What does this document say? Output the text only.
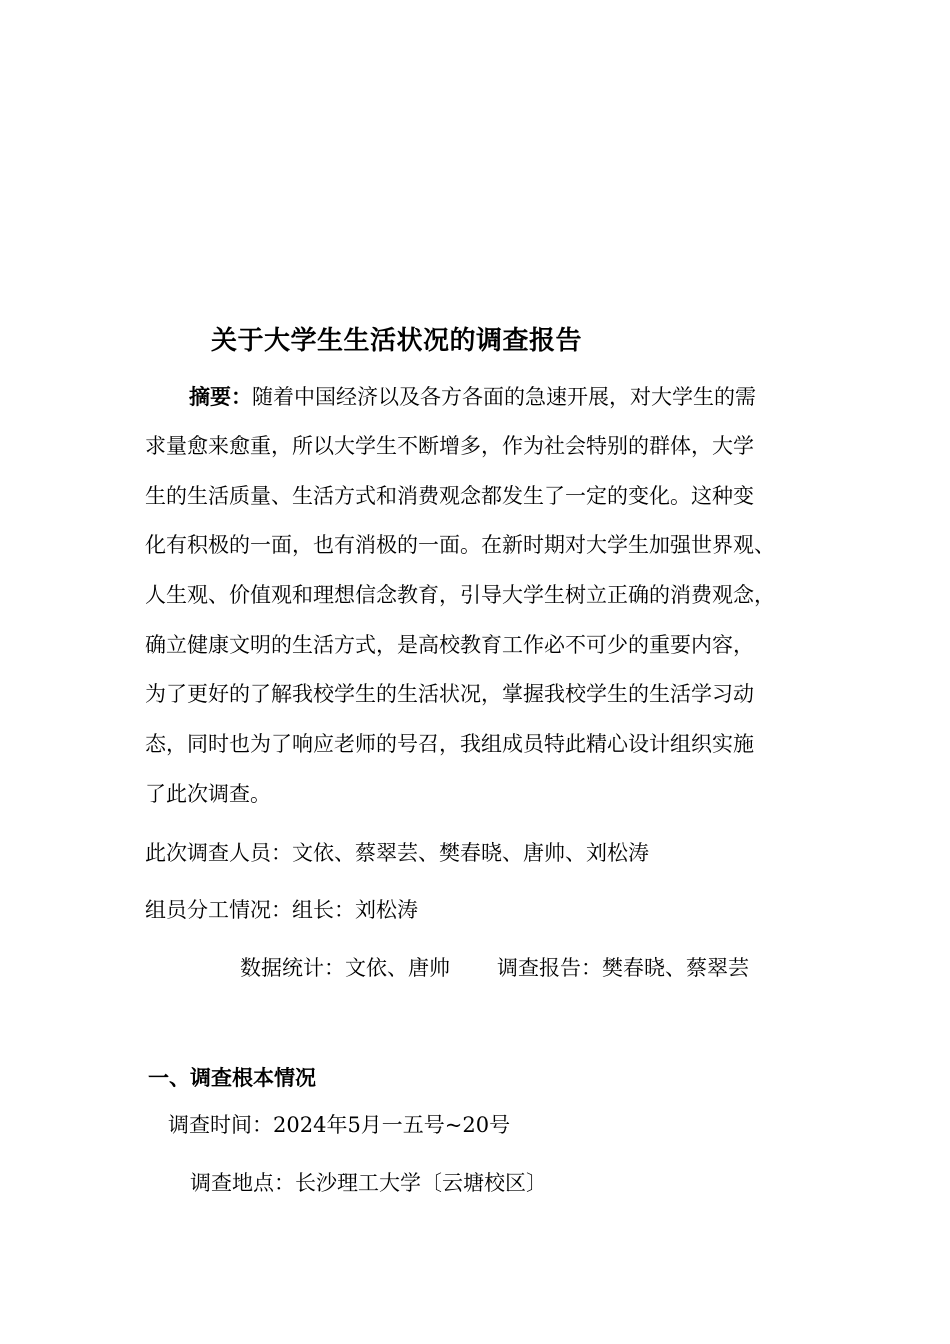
关于大学生生活状况的调查报告
摘要：随着中国经济以及各方各面的急速开展，对大学生的需
求量愈来愈重，所以大学生不断增多，作为社会特别的群体，大学
生的生活质量、生活方式和消费观念都发生了一定的变化。这种变
化有积极的一面，也有消极的一面。在新时期对大学生加强世界观、
人生观、价值观和理想信念教育，引导大学生树立正确的消费观念，
确立健康文明的生活方式，是高校教育工作必不可少的重要内容，
为了更好的了解我校学生的生活状况，掌握我校学生的生活学习动
态，同时也为了响应老师的号召，我组成员特此精心设计组织实施
了此次调查。
此次调查人员：文依、蔡翠芸、樊春晓、唐帅、刘松涛
组员分工情况：组长：刘松涛
数据统计：文依、唐帅 调查报告：樊春晓、蔡翠芸
一、调查根本情况
调查时间：2024年5月一五号~20号
调查地点：长沙理工大学〔云塘校区〕
